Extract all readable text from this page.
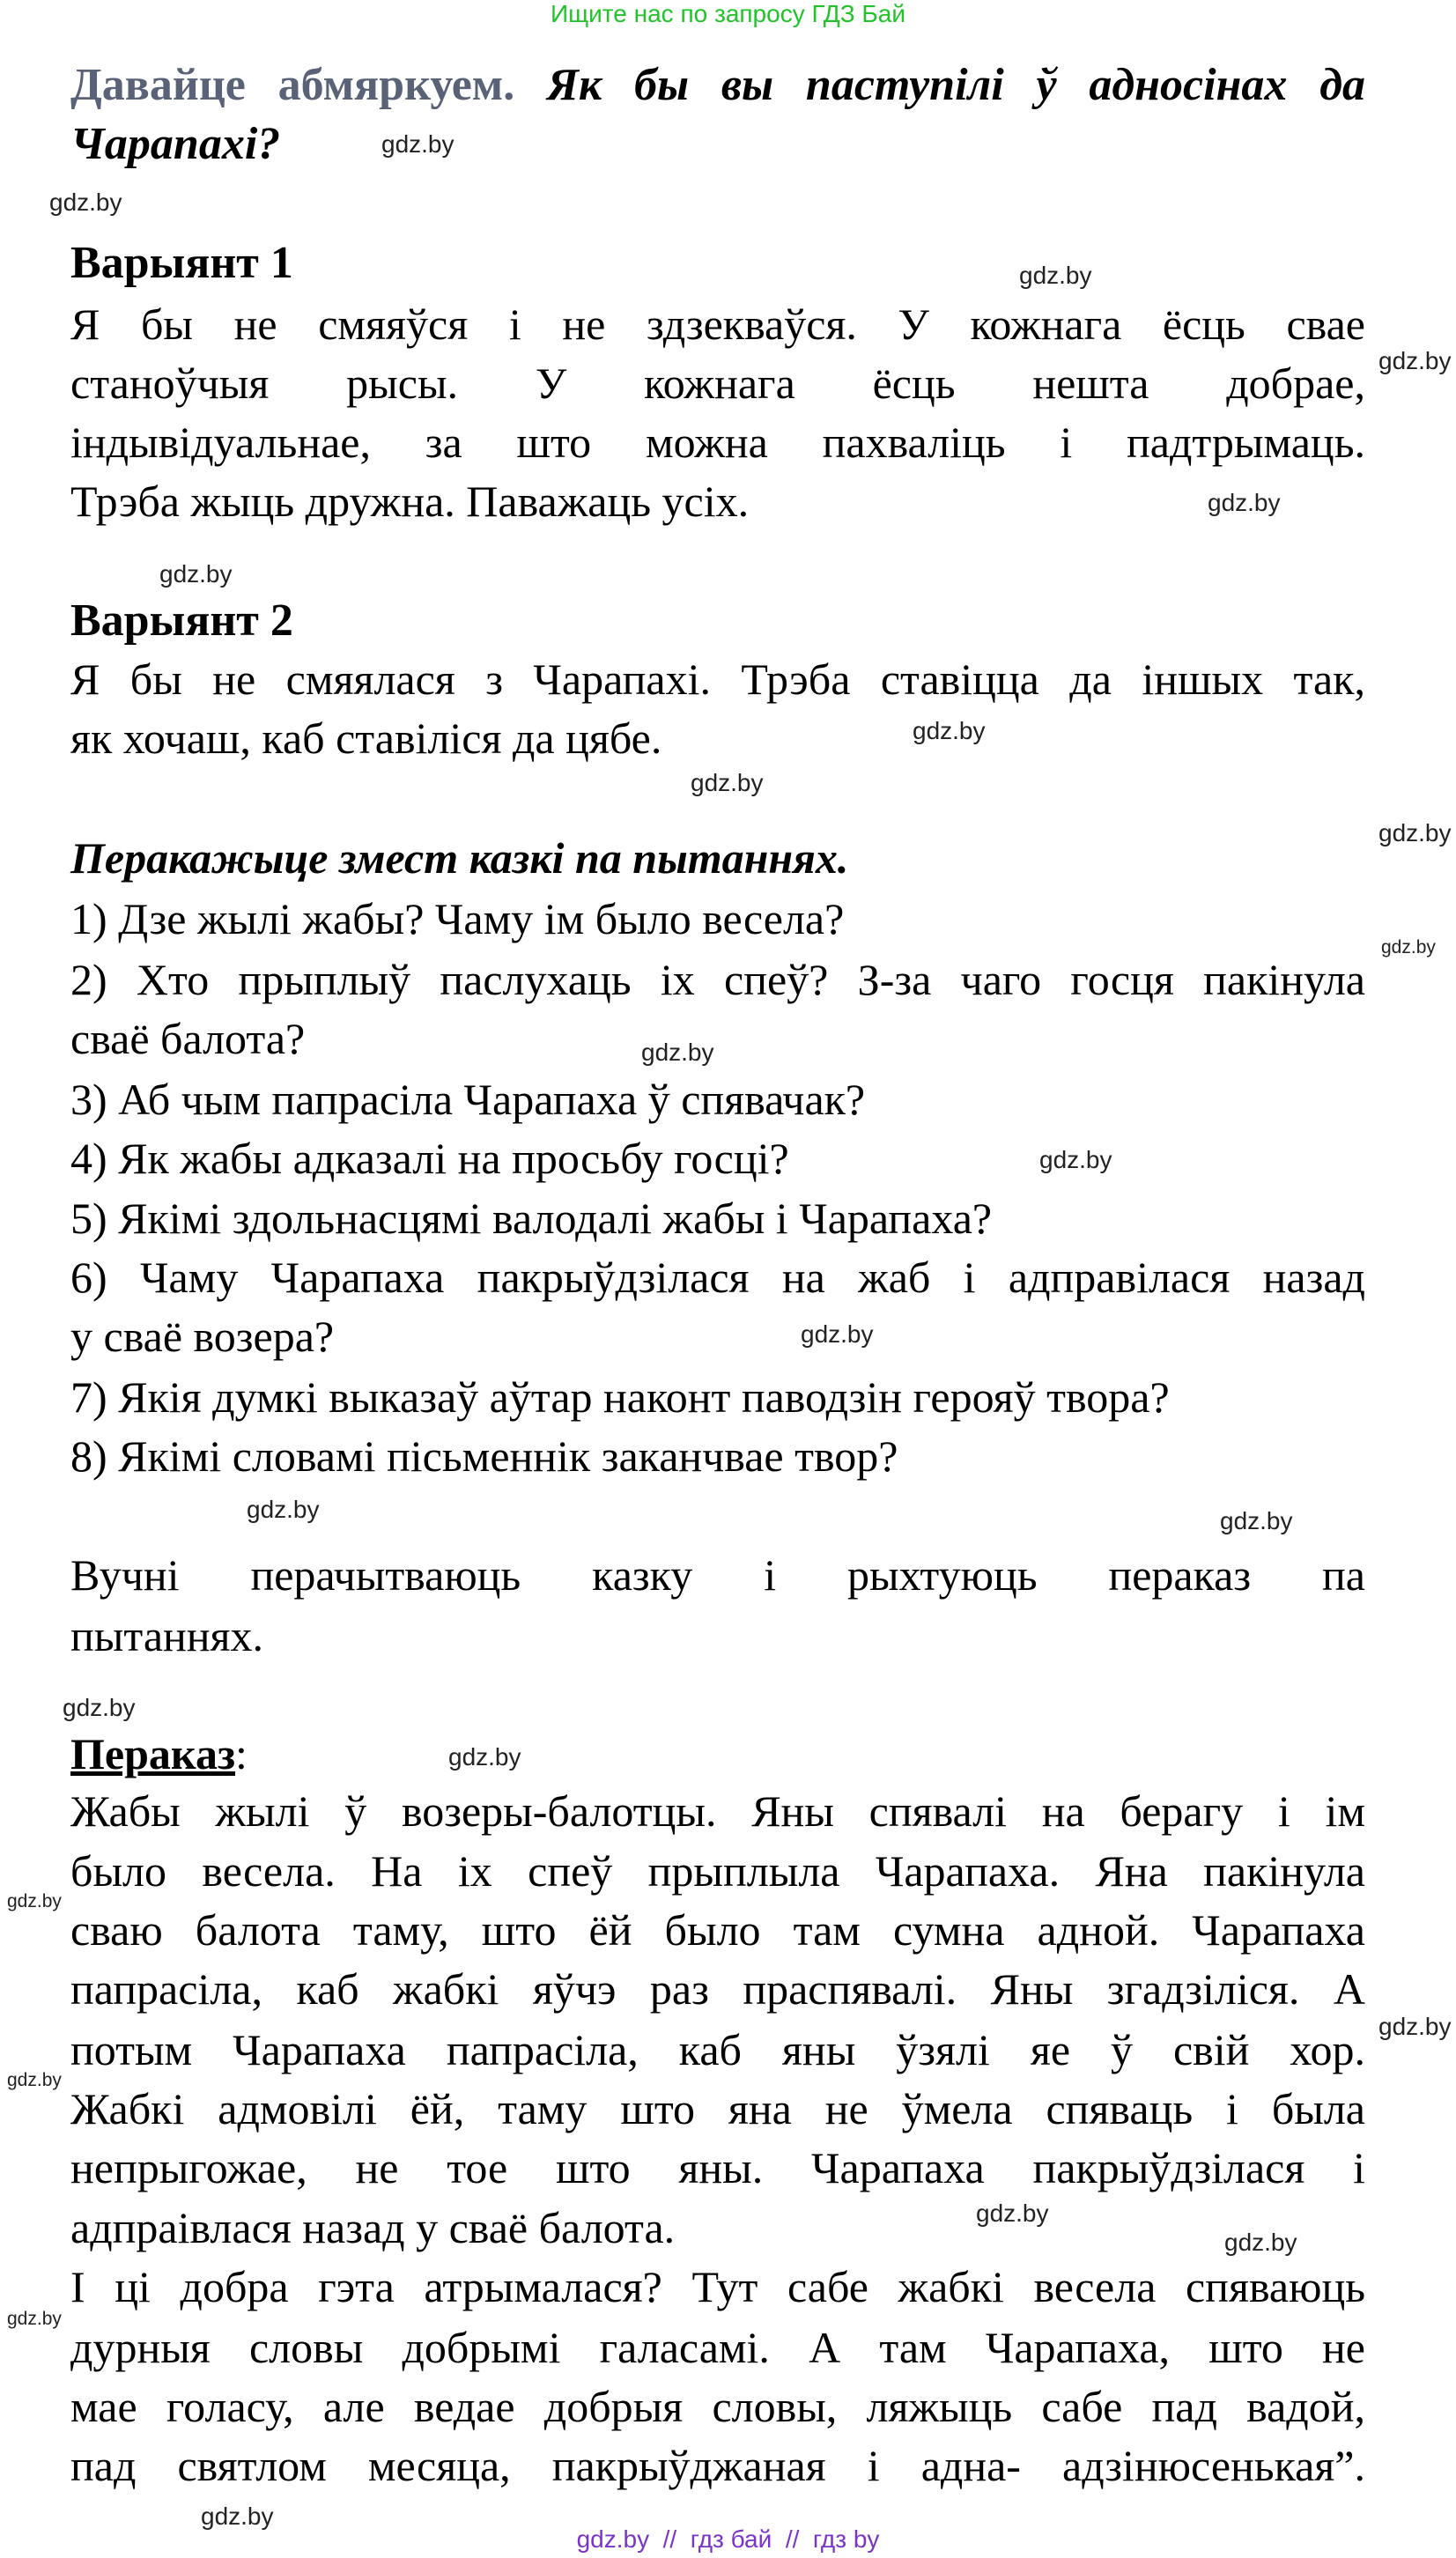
Ищите нас по запросу ГДЗ Бай
Давайце абмяркуем. Як бы вы паступілі ў адносінах да
Чарапахі?
Варыянт 1
Я бы не смяяўся і не здзекваўся. У кожнага ёсць свае
станоўчыя рысы. У кожнага ёсць нешта добрае,
індывідуальнае, за што можна пахваліць і падтрымаць.
Трэба жыць дружна. Паважаць усіх.
Варыянт 2
Я бы не смяялася з Чарапахі. Трэба ставіцца да іншых так,
як хочаш, каб ставіліся да цябе.
Перакажыце змест казкі па пытаннях.
1) Дзе жылі жабы? Чаму ім было весела?
2) Хто прыплыў паслухаць іх спеў? З-за чаго госця пакінула
сваё балота?
3) Аб чым папрасіла Чарапаха ў спявачак?
4) Як жабы адказалі на просьбу госці?
5) Якімі здольнасцямі валодалі жабы і Чарапаха?
6) Чаму Чарапаха пакрыўдзілася на жаб і адправілася назад
у сваё возера?
7) Якія думкі выказаў аўтар наконт паводзін герояў твора?
8) Якімі словамі пісьменнік заканчвае твор?
Вучні перачытваюць казку і рыхтуюць пераказ па
пытаннях.
Пераказ:
Жабы жылі ў возеры-балотцы. Яны спявалі на берагу і ім
было весела. На іх спеў прыплыла Чарапаха. Яна пакінула
сваю балота таму, што ёй было там сумна адной. Чарапаха
папрасіла, каб жабкі яўчэ раз праспявалі. Яны згадзіліся. А
потым Чарапаха папрасіла, каб яны ўзялі яе ў свій хор.
Жабкі адмовілі ёй, таму што яна не ўмела спяваць і была
непрыгожае, не тое што яны. Чарапаха пакрыўдзілася і
адпраівлася назад у сваё балота.
І ці добра гэта атрымалася? Тут сабе жабкі весела спяваюць
дурныя словы добрымі галасамі. А там Чарапаха, што не
мае голасу, але ведае добрыя словы, ляжыць сабе пад вадой,
пад святлом месяца, пакрыўджаная і адна- адзінюсенькая”.
gdz.by
gdz.by
gdz.by
gdz.by
gdz.by
gdz.by
gdz.by
gdz.by
gdz.by
gdz.by
gdz.by
gdz.by
gdz.by
gdz.by	gdz.by
gdz.by
gdz.by
gdz.by
gdz.by
gdz.by
gdz.by
gdz.by
gdz.by
gdz.by
gdz.by  //  гдз бай  //  гдз by
